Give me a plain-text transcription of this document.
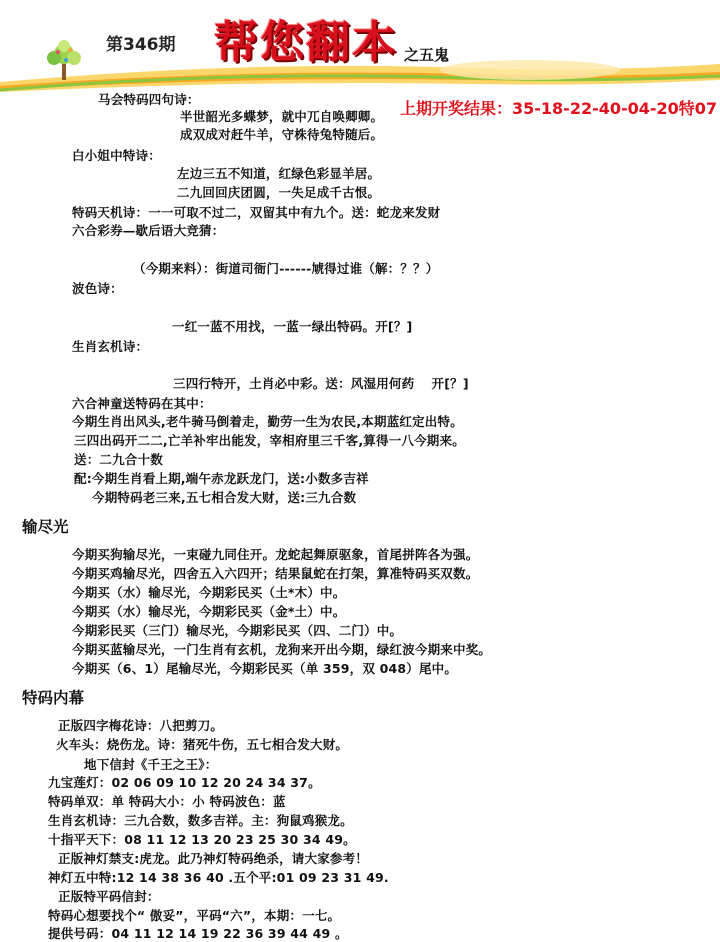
第346期 帮您翻本 之五鬼
上期开奖结果：35-18-22-40-04-20特07
马会特码四句诗：
半世韶光多蝶梦，就中兀自唤卿卿。
成双成对赶牛羊，守株待兔特随后。
白小姐中特诗：
左边三五不知道，红绿色彩显羊居。
二九回回庆团圆，一失足成千古恨。
特码天机诗：一一可取不过二，双留其中有九个。送：蛇龙来发财
六合彩券—歇后语大竞猜：
（今期来料）：街道司衙门------虓得过谁（解：？？）
波色诗：
一红一蓝不用找，一蓝一绿出特码。开[？]
生肖玄机诗：
三四行特开，土肖必中彩。送：风湿用何药　 开[？]
六合神童送特码在其中：
今期生肖出风头,老牛骑马倒着走，勤劳一生为农民,本期蓝红定出特。
三四出码开二二,亡羊补牢出能发，宰相府里三千客,算得一八今期来。
送：二九合十数
配:今期生肖看上期,端午赤龙跃龙门，送:小数多吉祥
今期特码老三来,五七相合发大财，送:三九合数
输尽光
今期买狗输尽光，一束碰九同住开。龙蛇起舞原驱象，首尾拼阵各为强。
今期买鸡输尽光，四舍五入六四开；结果鼠蛇在打架，算准特码买双数。
今期买（水）输尽光，今期彩民买（土*木）中。
今期买（水）输尽光，今期彩民买（金*土）中。
今期彩民买（三门）输尽光，今期彩民买（四、二门）中。
今期买蓝输尽光，一门生肖有玄机，龙狗来开出今期，绿红波今期来中奖。
今期买（6、1）尾输尽光，今期彩民买（单 359，双 048）尾中。
特码内幕
正版四字梅花诗：八把剪刀。
火车头：烧伤龙。诗：猪死牛伤，五七相合发大财。
地下信封《千王之王》：
九宝莲灯：02 06 09 10 12 20 24 34 37。
特码单双：单 特码大小：小 特码波色：蓝
生肖玄机诗：三九合数，数多吉祥。主：狗鼠鸡猴龙。
十指平天下：08 11 12 13 20 23 25 30 34 49。
正版神灯禁支:虎龙。此乃神灯特码绝杀，请大家参考！
神灯五中特:12 14 38 36 40 .五个平:01 09 23 31 49.
正版特平码信封：
特码心想要找个“ 傲妥”，平码“六”，本期：一七。
提供号码：04 11 12 14 19 22 36 39 44 49 。
